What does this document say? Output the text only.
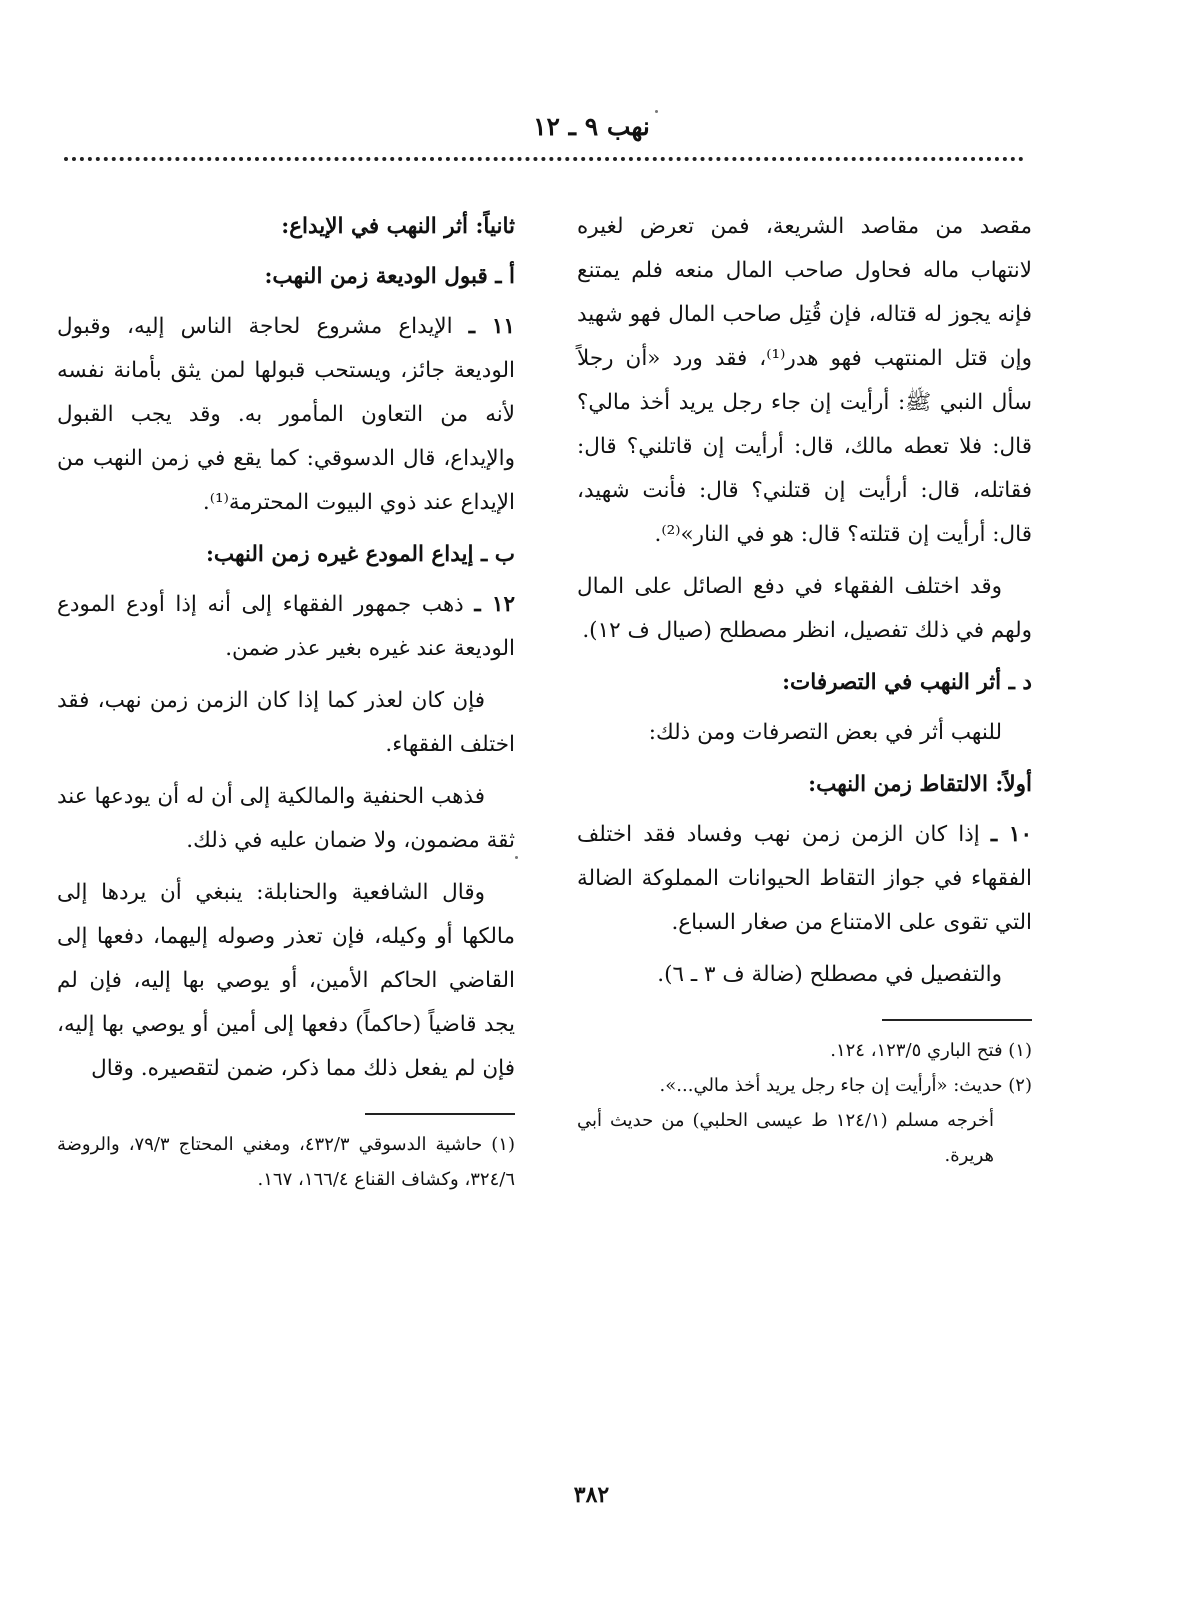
نهب ٩ ـ ١٢

مقصد من مقاصد الشريعة، فمن تعرض لغيره لانتهاب ماله فحاول صاحب المال منعه فلم يمتنع فإنه يجوز له قتاله، فإن قُتِل صاحب المال فهو شهيد وإن قتل المنتهب فهو هدر⁽¹⁾، فقد ورد «أن رجلاً سأل النبي ﷺ: أرأيت إن جاء رجل يريد أخذ مالي؟ قال: فلا تعطه مالك، قال: أرأيت إن قاتلني؟ قال: فقاتله، قال: أرأيت إن قتلني؟ قال: فأنت شهيد، قال: أرأيت إن قتلته؟ قال: هو في النار»⁽²⁾.

وقد اختلف الفقهاء في دفع الصائل على المال ولهم في ذلك تفصيل، انظر مصطلح (صيال ف ١٢).

د ـ أثر النهب في التصرفات:

للنهب أثر في بعض التصرفات ومن ذلك:

أولاً: الالتقاط زمن النهب:

١٠ ـ إذا كان الزمن زمن نهب وفساد فقد اختلف الفقهاء في جواز التقاط الحيوانات المملوكة الضالة التي تقوى على الامتناع من صغار السباع.

والتفصيل في مصطلح (ضالة ف ٣ ـ ٦).

(١) فتح الباري ١٢٣/٥، ١٢٤.

(٢) حديث: «أرأيت إن جاء رجل يريد أخذ مالي...».

أخرجه مسلم (١٢٤/١ ط عيسى الحلبي) من حديث أبي هريرة.

ثانياً: أثر النهب في الإيداع:

أ ـ قبول الوديعة زمن النهب:

١١ ـ الإيداع مشروع لحاجة الناس إليه، وقبول الوديعة جائز، ويستحب قبولها لمن يثق بأمانة نفسه لأنه من التعاون المأمور به. وقد يجب القبول والإيداع، قال الدسوقي: كما يقع في زمن النهب من الإيداع عند ذوي البيوت المحترمة⁽¹⁾.

ب ـ إيداع المودع غيره زمن النهب:

١٢ ـ ذهب جمهور الفقهاء إلى أنه إذا أودع المودع الوديعة عند غيره بغير عذر ضمن.

فإن كان لعذر كما إذا كان الزمن زمن نهب، فقد اختلف الفقهاء.

فذهب الحنفية والمالكية إلى أن له أن يودعها عند ثقة مضمون، ولا ضمان عليه في ذلك.

وقال الشافعية والحنابلة: ينبغي أن يردها إلى مالكها أو وكيله، فإن تعذر وصوله إليهما، دفعها إلى القاضي الحاكم الأمين، أو يوصي بها إليه، فإن لم يجد قاضياً (حاكماً) دفعها إلى أمين أو يوصي بها إليه، فإن لم يفعل ذلك مما ذكر، ضمن لتقصيره. وقال

(١) حاشية الدسوقي ٤٣٢/٣، ومغني المحتاج ٧٩/٣، والروضة ٣٢٤/٦، وكشاف القناع ١٦٦/٤، ١٦٧.

٣٨٢
